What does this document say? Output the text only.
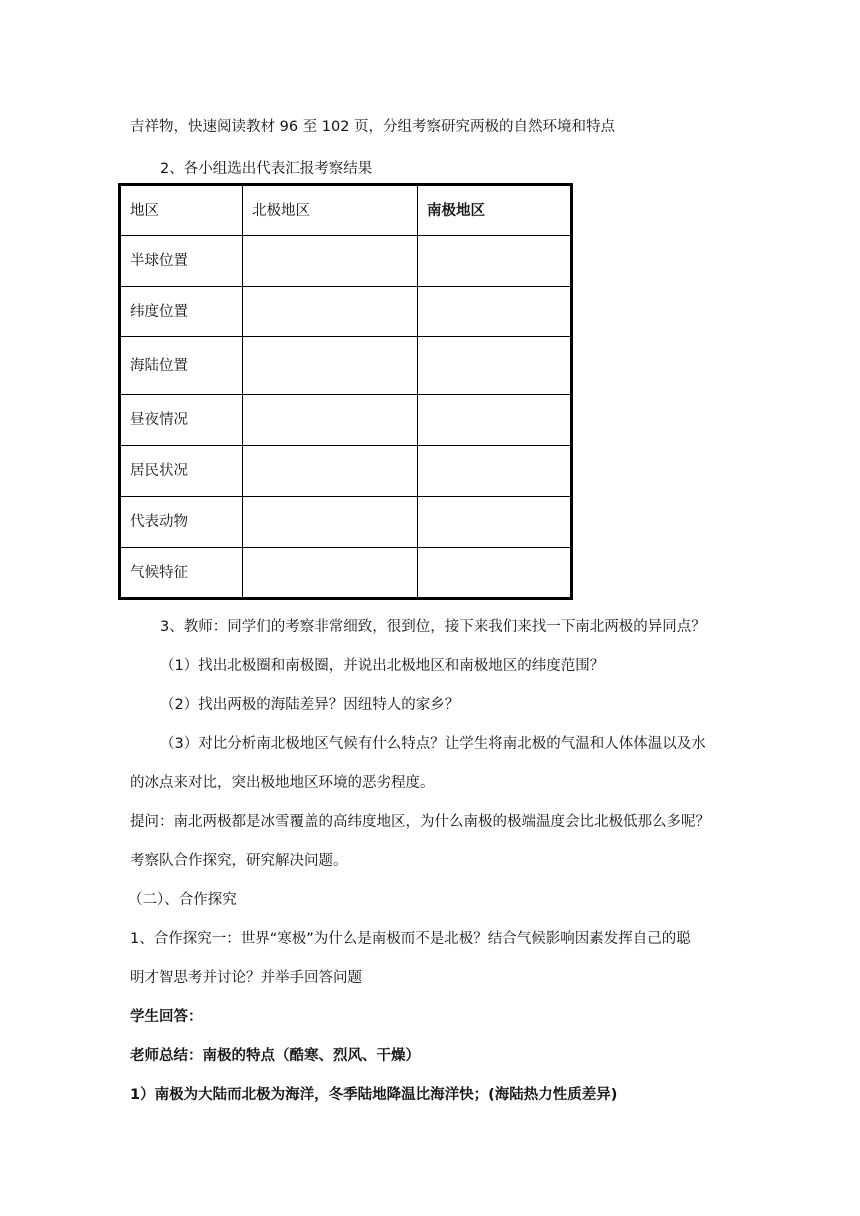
吉祥物，快速阅读教材 96 至 102 页，分组考察研究两极的自然环境和特点
2、各小组选出代表汇报考察结果
地区	北极地区	南极地区
半球位置		
纬度位置		
海陆位置		
昼夜情况		
居民状况		
代表动物		
气候特征		
3、教师：同学们的考察非常细致，很到位，接下来我们来找一下南北两极的异同点？
（1）找出北极圈和南极圈，并说出北极地区和南极地区的纬度范围？
（2）找出两极的海陆差异？因纽特人的家乡？
（3）对比分析南北极地区气候有什么特点？让学生将南北极的气温和人体体温以及水
的冰点来对比，突出极地地区环境的恶劣程度。
提问：南北两极都是冰雪覆盖的高纬度地区，为什么南极的极端温度会比北极低那么多呢？
考察队合作探究，研究解决问题。
（二）、合作探究
1、合作探究一：世界“寒极”为什么是南极而不是北极？结合气候影响因素发挥自己的聪
明才智思考并讨论？并举手回答问题
学生回答：
老师总结：南极的特点（酷寒、烈风、干燥）
1）南极为大陆而北极为海洋，冬季陆地降温比海洋快；(海陆热力性质差异)
